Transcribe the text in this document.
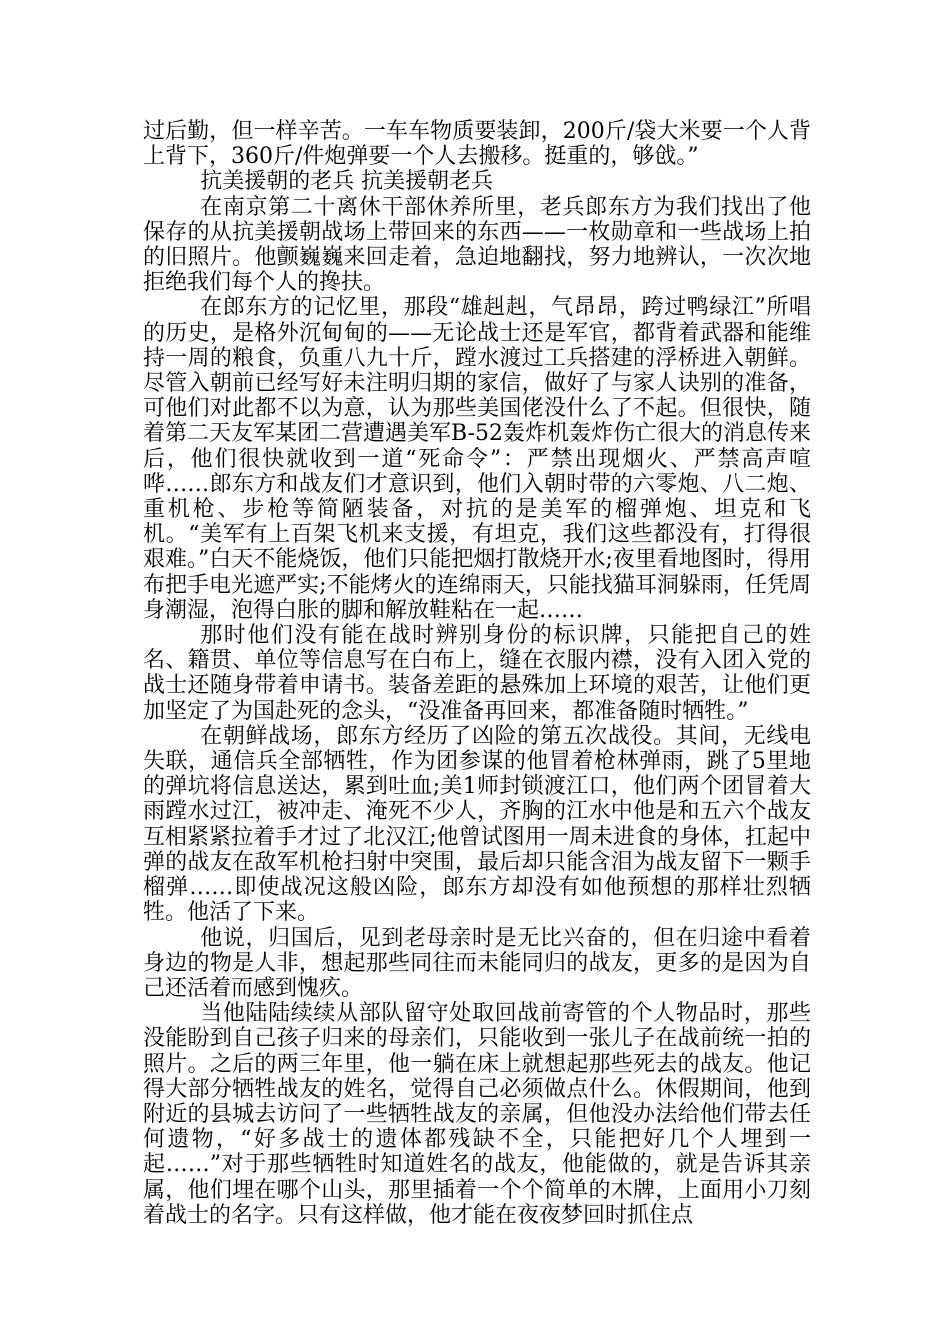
过后勤，但一样辛苦。一车车物质要装卸，200斤/袋大米要一个人背上背下，360斤/件炮弹要一个人去搬移。挺重的，够戗。”

抗美援朝的老兵 抗美援朝老兵

在南京第二十离休干部休养所里，老兵郎东方为我们找出了他保存的从抗美援朝战场上带回来的东西——一枚勋章和一些战场上拍的旧照片。他颤巍巍来回走着，急迫地翻找，努力地辨认，一次次地拒绝我们每个人的搀扶。

在郎东方的记忆里，那段“雄赳赳，气昂昂，跨过鸭绿江”所唱的历史，是格外沉甸甸的——无论战士还是军官，都背着武器和能维持一周的粮食，负重八九十斤，蹚水渡过工兵搭建的浮桥进入朝鲜。尽管入朝前已经写好未注明归期的家信，做好了与家人诀别的准备，可他们对此都不以为意，认为那些美国佬没什么了不起。但很快，随着第二天友军某团二营遭遇美军B-52轰炸机轰炸伤亡很大的消息传来后，他们很快就收到一道“死命令”：严禁出现烟火、严禁高声喧哗……郎东方和战友们才意识到，他们入朝时带的六零炮、八二炮、重机枪、步枪等简陋装备，对抗的是美军的榴弹炮、坦克和飞机。“美军有上百架飞机来支援，有坦克，我们这些都没有，打得很艰难。”白天不能烧饭，他们只能把烟打散烧开水;夜里看地图时，得用布把手电光遮严实;不能烤火的连绵雨天，只能找猫耳洞躲雨，任凭周身潮湿，泡得白胀的脚和解放鞋粘在一起……

那时他们没有能在战时辨别身份的标识牌，只能把自己的姓名、籍贯、单位等信息写在白布上，缝在衣服内襟，没有入团入党的战士还随身带着申请书。装备差距的悬殊加上环境的艰苦，让他们更加坚定了为国赴死的念头，“没准备再回来，都准备随时牺牲。”

在朝鲜战场，郎东方经历了凶险的第五次战役。其间，无线电失联，通信兵全部牺牲，作为团参谋的他冒着枪林弹雨，跳了5里地的弹坑将信息送达，累到吐血;美1师封锁渡江口，他们两个团冒着大雨蹚水过江，被冲走、淹死不少人，齐胸的江水中他是和五六个战友互相紧紧拉着手才过了北汉江;他曾试图用一周未进食的身体，扛起中弹的战友在敌军机枪扫射中突围，最后却只能含泪为战友留下一颗手榴弹……即使战况这般凶险，郎东方却没有如他预想的那样壮烈牺牲。他活了下来。

他说，归国后，见到老母亲时是无比兴奋的，但在归途中看着身边的物是人非，想起那些同往而未能同归的战友，更多的是因为自己还活着而感到愧疚。

当他陆陆续续从部队留守处取回战前寄管的个人物品时，那些没能盼到自己孩子归来的母亲们，只能收到一张儿子在战前统一拍的照片。之后的两三年里，他一躺在床上就想起那些死去的战友。他记得大部分牺牲战友的姓名，觉得自己必须做点什么。休假期间，他到附近的县城去访问了一些牺牲战友的亲属，但他没办法给他们带去任何遗物，“好多战士的遗体都残缺不全，只能把好几个人埋到一起……”对于那些牺牲时知道姓名的战友，他能做的，就是告诉其亲属，他们埋在哪个山头，那里插着一个个简单的木牌，上面用小刀刻着战士的名字。只有这样做，他才能在夜夜梦回时抓住点
